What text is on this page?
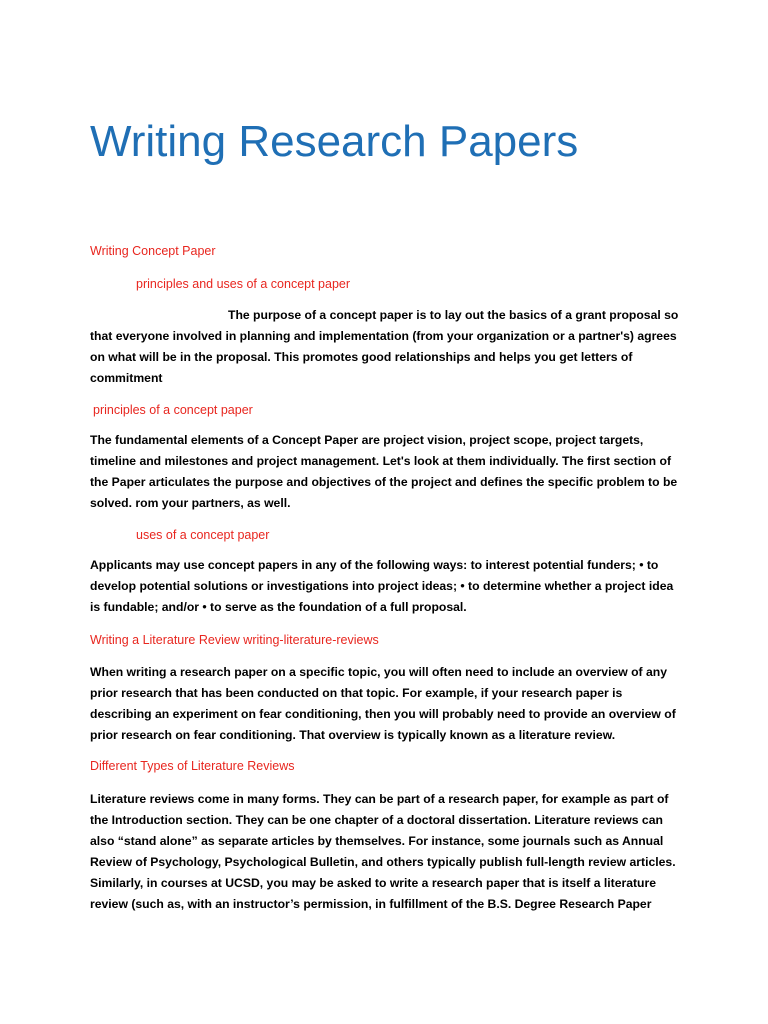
Writing Research Papers

Writing Concept Paper

principles and uses of a concept paper

The purpose of a concept paper is to lay out the basics of a grant proposal so
that everyone involved in planning and implementation (from your organization or a partner's) agrees
on what will be in the proposal. This promotes good relationships and helps you get letters of
commitment

principles of a concept paper

The fundamental elements of a Concept Paper are project vision, project scope, project targets,
timeline and milestones and project management. Let's look at them individually. The first section of
the Paper articulates the purpose and objectives of the project and defines the specific problem to be
solved. rom your partners, as well.

uses of a concept paper

Applicants may use concept papers in any of the following ways: to interest potential funders; • to
develop potential solutions or investigations into project ideas; • to determine whether a project idea
is fundable; and/or • to serve as the foundation of a full proposal.

Writing a Literature Review writing-literature-reviews

When writing a research paper on a specific topic, you will often need to include an overview of any
prior research that has been conducted on that topic. For example, if your research paper is
describing an experiment on fear conditioning, then you will probably need to provide an overview of
prior research on fear conditioning. That overview is typically known as a literature review.

Different Types of Literature Reviews

Literature reviews come in many forms. They can be part of a research paper, for example as part of
the Introduction section. They can be one chapter of a doctoral dissertation. Literature reviews can
also “stand alone” as separate articles by themselves. For instance, some journals such as Annual
Review of Psychology, Psychological Bulletin, and others typically publish full-length review articles.
Similarly, in courses at UCSD, you may be asked to write a research paper that is itself a literature
review (such as, with an instructor’s permission, in fulfillment of the B.S. Degree Research Paper
